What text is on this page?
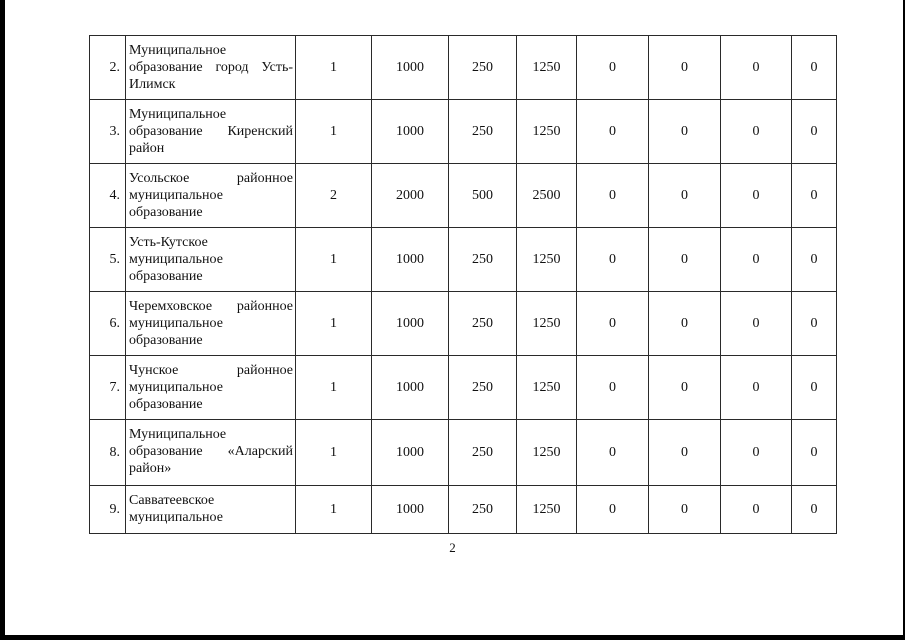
2.	Муниципальное образование город Усть-Илимск	1	1000	250	1250	0	0	0	0
3.	Муниципальное образование Киренский район	1	1000	250	1250	0	0	0	0
4.	Усольское районное муниципальное образование	2	2000	500	2500	0	0	0	0
5.	Усть-Кутское муниципальное образование	1	1000	250	1250	0	0	0	0
6.	Черемховское районное муниципальное образование	1	1000	250	1250	0	0	0	0
7.	Чунское районное муниципальное образование	1	1000	250	1250	0	0	0	0
8.	Муниципальное образование «Аларский район»	1	1000	250	1250	0	0	0	0
9.	Савватеевское муниципальное	1	1000	250	1250	0	0	0	0
2
